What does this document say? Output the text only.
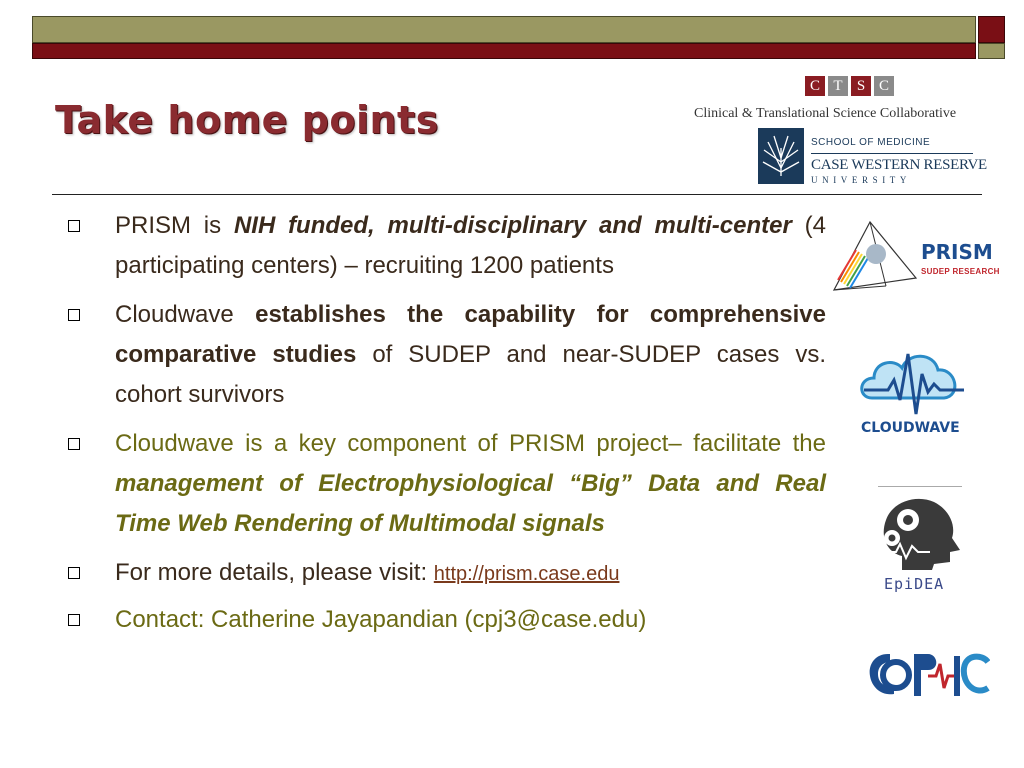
Take home points
C T S C
Clinical & Translational Science Collaborative
SCHOOL OF MEDICINE
CASE WESTERN RESERVE
UNIVERSITY
PRISM is NIH funded, multi-disciplinary and multi-center (4 participating centers) – recruiting 1200 patients
Cloudwave establishes the capability for comprehensive comparative studies of SUDEP and near-SUDEP cases vs. cohort survivors
Cloudwave is a key component of PRISM project– facilitate the management of Electrophysiological “Big” Data and Real Time Web Rendering of Multimodal signals
For more details, please visit: http://prism.case.edu
Contact: Catherine Jayapandian (cpj3@case.edu)
PRISM
SUDEP RESEARCH
CLOUDWAVE
EpiDEA
